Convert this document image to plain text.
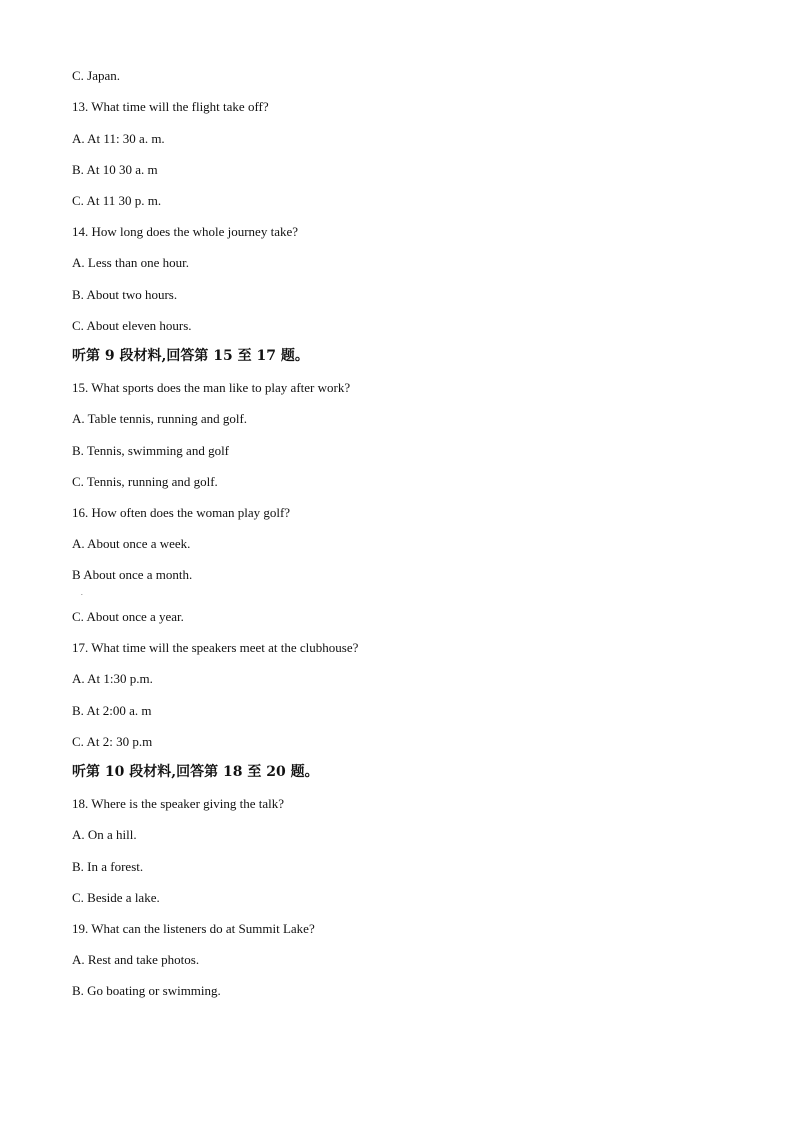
C. Japan.
13. What time will the flight take off?
A. At 11: 30 a. m.
B. At 10 30 a. m
C. At 11 30 p. m.
14. How long does the whole journey take?
A. Less than one hour.
B. About two hours.
C. About eleven hours.
听第 9 段材料,回答第 15 至 17 题。
15. What sports does the man like to play after work?
A. Table tennis, running and golf.
B. Tennis, swimming and golf
C. Tennis, running and golf.
16. How often does the woman play golf?
A. About once a week.
B About once a month.
.
C. About once a year.
17. What time will the speakers meet at the clubhouse?
A. At 1:30 p.m.
B. At 2:00 a. m
C. At 2: 30 p.m
听第 10 段材料,回答第 18 至 20 题。
18. Where is the speaker giving the talk?
A. On a hill.
B. In a forest.
C. Beside a lake.
19. What can the listeners do at Summit Lake?
A. Rest and take photos.
B. Go boating or swimming.
